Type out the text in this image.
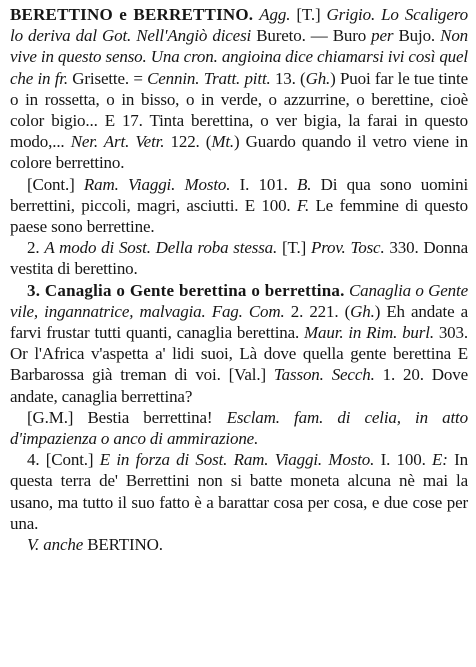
BERETTINO e BERRETTINO. Agg. [T.] Grigio. Lo Scaligero lo deriva dal Got. Nell'Angiò dicesi Bureto. — Buro per Bujo. Non vive in questo senso. Una cron. angioina dice chiamarsi ivi così quel che in fr. Grisette. = Cennin. Tratt. pitt. 13. (Gh.) Puoi far le tue tinte o in rossetta, o in bisso, o in verde, o azzurrine, o berettine, cioè color bigio... E 17. Tinta berettina, o ver bigia, la farai in questo modo,... Ner. Art. Vetr. 122. (Mt.) Guardo quando il vetro viene in colore berrettino.

[Cont.] Ram. Viaggi. Mosto. I. 101. B. Di qua sono uomini berrettini, piccoli, magri, asciutti. E 100. F. Le femmine di questo paese sono berrettine.

2. A modo di Sost. Della roba stessa. [T.] Prov. Tosc. 330. Donna vestita di berettino.

3. Canaglia o Gente berettina o berrettina. Canaglia o Gente vile, ingannatrice, malvagia. Fag. Com. 2. 221. (Gh.) Eh andate a farvi frustar tutti quanti, canaglia berettina. Maur. in Rim. burl. 303. Or l'Africa v'aspetta a' lidi suoi, Là dove quella gente berettina E Barbarossa già treman di voi. [Val.] Tasson. Secch. 1. 20. Dove andate, canaglia berrettina?

[G.M.] Bestia berrettina! Esclam. fam. di celia, in atto d'impazienza o anco di ammirazione.

4. [Cont.] E in forza di Sost. Ram. Viaggi. Mosto. I. 100. E: In questa terra de' Berrettini non si batte moneta alcuna nè mai la usano, ma tutto il suo fatto è a barattar cosa per cosa, e due cose per una.

V. anche BERTINO.
